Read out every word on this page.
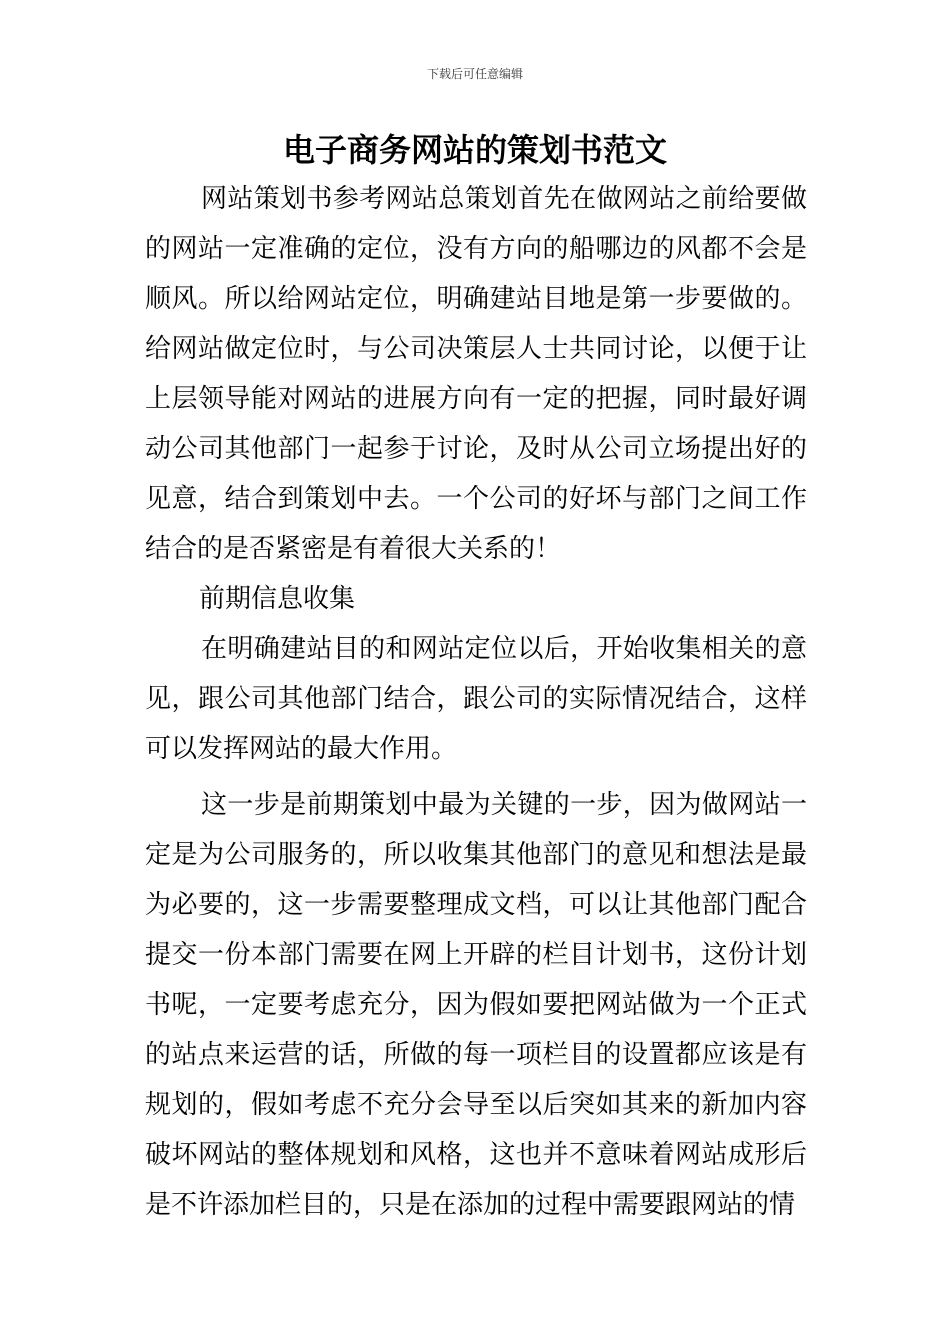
下载后可任意编辑
电子商务网站的策划书范文

网站策划书参考网站总策划首先在做网站之前给要做的网站一定准确的定位，没有方向的船哪边的风都不会是顺风。所以给网站定位，明确建站目地是第一步要做的。给网站做定位时，与公司决策层人士共同讨论，以便于让上层领导能对网站的进展方向有一定的把握，同时最好调动公司其他部门一起参于讨论，及时从公司立场提出好的见意，结合到策划中去。一个公司的好坏与部门之间工作结合的是否紧密是有着很大关系的！

前期信息收集

在明确建站目的和网站定位以后，开始收集相关的意见，跟公司其他部门结合，跟公司的实际情况结合，这样可以发挥网站的最大作用。

这一步是前期策划中最为关键的一步，因为做网站一定是为公司服务的，所以收集其他部门的意见和想法是最为必要的，这一步需要整理成文档，可以让其他部门配合提交一份本部门需要在网上开辟的栏目计划书，这份计划书呢，一定要考虑充分，因为假如要把网站做为一个正式的站点来运营的话，所做的每一项栏目的设置都应该是有规划的，假如考虑不充分会导至以后突如其来的新加内容破坏网站的整体规划和风格，这也并不意味着网站成形后是不许添加栏目的，只是在添加的过程中需要跟网站的情
